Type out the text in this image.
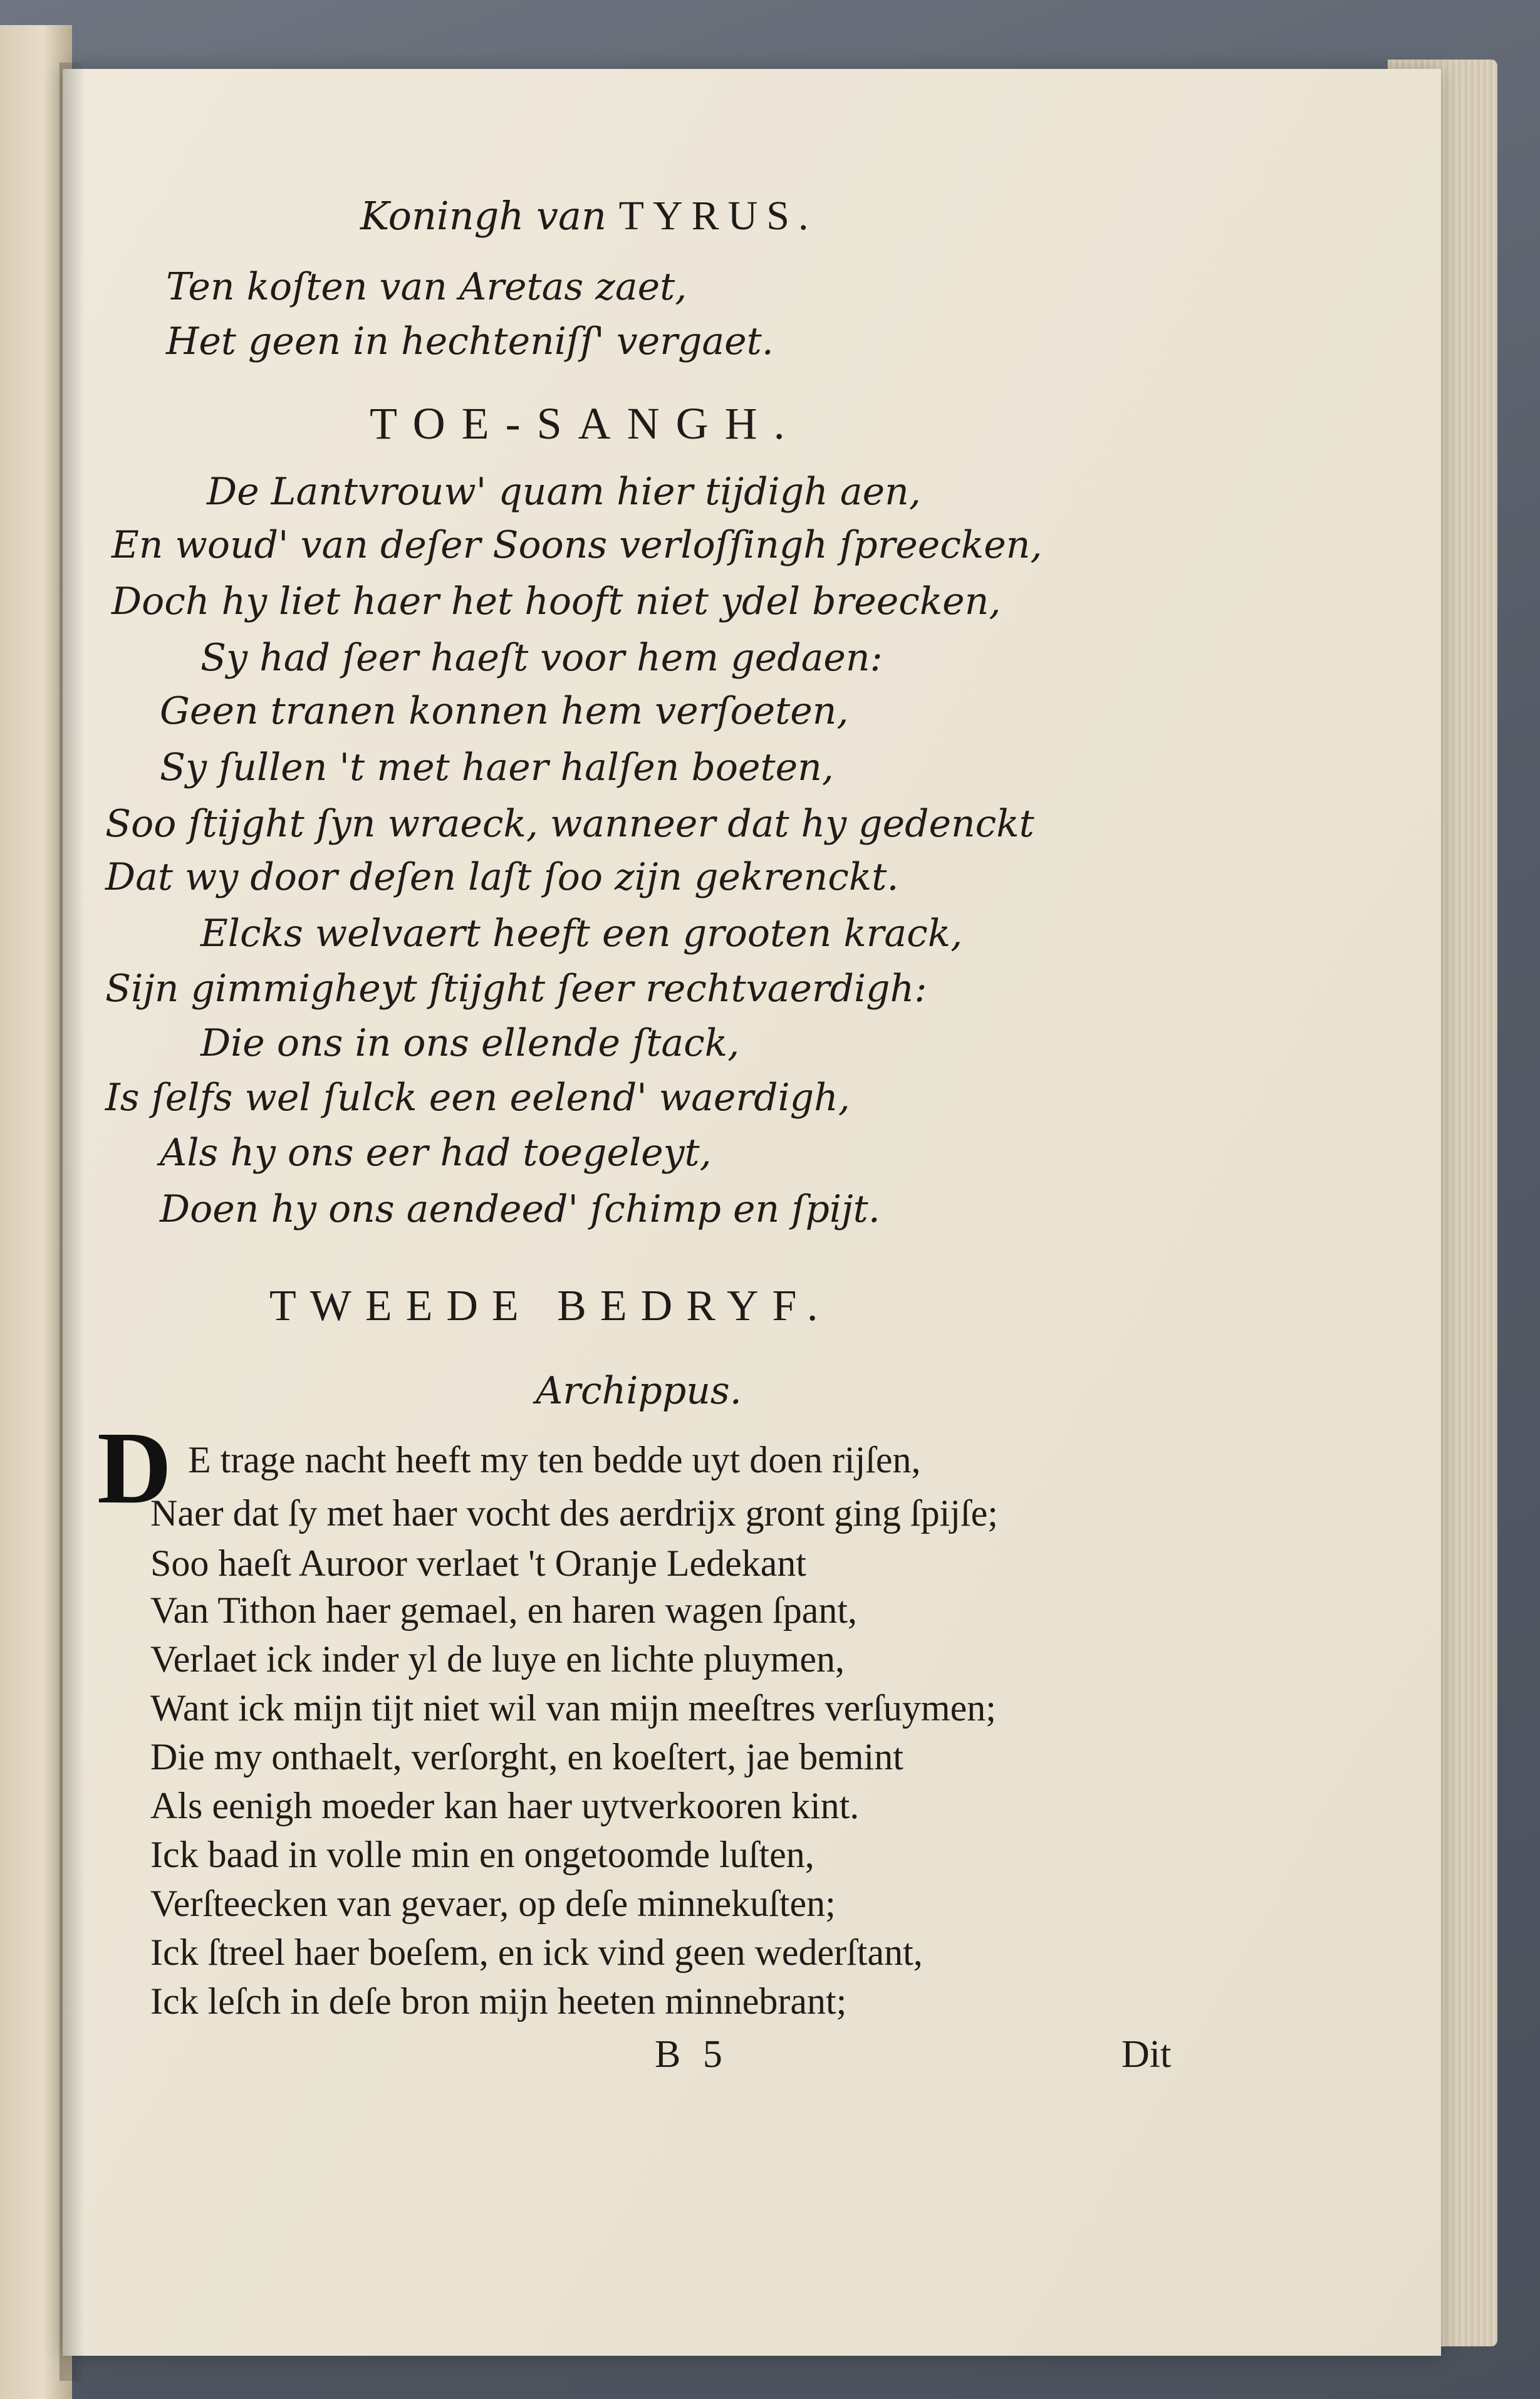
Koningh van TYRUS.
Ten koſten van Aretas zaet,
Het geen in hechteniſſ' vergaet.
TOE-SANGH.
De Lantvrouw' quam hier tijdigh aen,
En woud' van deſer Soons verloſſingh ſpreecken,
Doch hy liet haer het hooft niet ydel breecken,
Sy had ſeer haeſt voor hem gedaen:
Geen tranen konnen hem verſoeten,
Sy ſullen 't met haer halſen boeten,
Soo ſtijght ſyn wraeck, wanneer dat hy gedenckt
Dat wy door deſen laſt ſoo zijn gekrenckt.
Elcks welvaert heeft een grooten krack,
Sijn gimmigheyt ſtijght ſeer rechtvaerdigh:
Die ons in ons ellende ſtack,
Is ſelfs wel ſulck een eelend' waerdigh,
Als hy ons eer had toegeleyt,
Doen hy ons aendeed' ſchimp en ſpijt.
TWEEDE BEDRYF.
Archippus.
D E trage nacht heeft my ten bedde uyt doen rijſen,
Naer dat ſy met haer vocht des aerdrijx gront ging ſpijſe;
Soo haeſt Auroor verlaet 't Oranje Ledekant
Van Tithon haer gemael, en haren wagen ſpant,
Verlaet ick inder yl de luye en lichte pluymen,
Want ick mijn tijt niet wil van mijn meeſtres verſuymen;
Die my onthaelt, verſorght, en koeſtert, jae bemint
Als eenigh moeder kan haer uytverkooren kint.
Ick baad in volle min en ongetoomde luſten,
Verſteecken van gevaer, op deſe minnekuſten;
Ick ſtreel haer boeſem, en ick vind geen wederſtant,
Ick leſch in deſe bron mijn heeten minnebrant;
B 5	Dit
